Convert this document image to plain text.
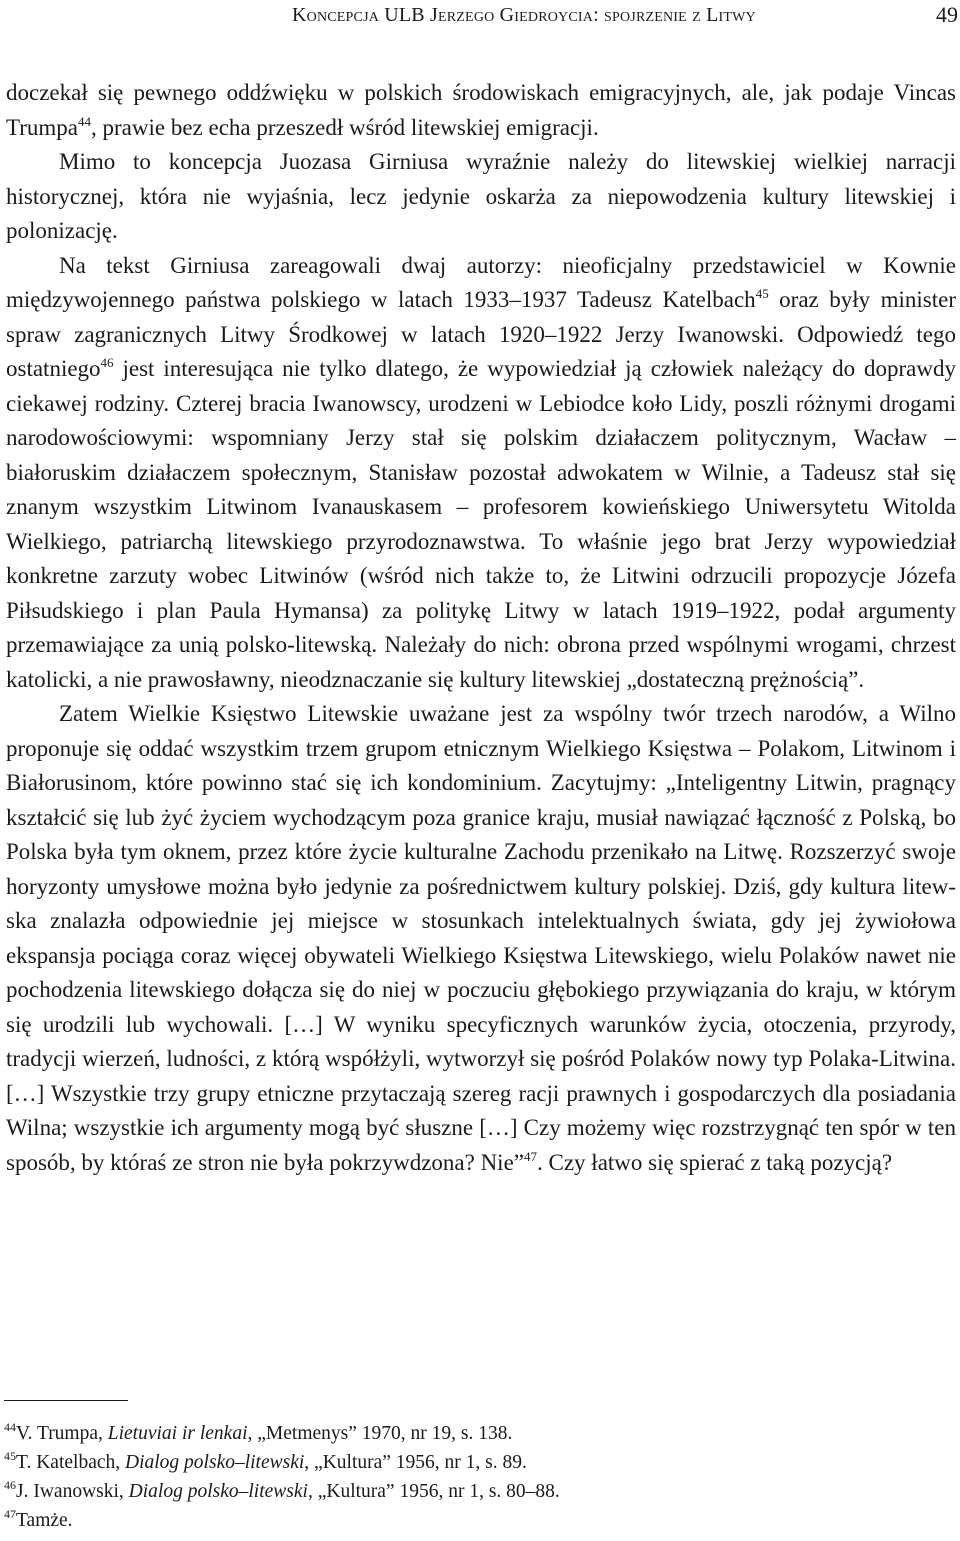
Koncepcja ULB Jerzego Giedroycia: spojrzenie z Litwy	49

doczekał się pewnego oddźwięku w polskich środowiskach emigracyjnych, ale, jak podaje Vincas Trumpa$^{44}$, prawie bez echa przeszedł wśród litewskiej emigracji.

Mimo to koncepcja Juozasa Girniusa wyraźnie należy do litewskiej wielkiej narracji historycznej, która nie wyjaśnia, lecz jedynie oskarża za niepowodzenia kultury litewskiej i polonizację.

Na tekst Girniusa zareagowali dwaj autorzy: nieoficjalny przedstawiciel w Kownie międzywojennego państwa polskiego w latach 1933–1937 Tadeusz Katelbach$^{45}$ oraz były minister spraw zagranicznych Litwy Środkowej w latach 1920–1922 Jerzy Iwanowski. Odpowiedź tego ostatniego$^{46}$ jest interesująca nie tylko dlatego, że wypowiedział ją człowiek należący do doprawdy ciekawej rodziny. Czterej bracia Iwanowscy, urodzeni w Lebiodce koło Lidy, poszli różnymi drogami narodowościowymi: wspomniany Jerzy stał się polskim działaczem politycznym, Wacław – białoruskim działaczem społecznym, Stanisław pozostał adwokatem w Wilnie, a Tadeusz stał się znanym wszystkim Litwinom Ivanauskasem – profesorem kowieńskiego Uniwersytetu Witolda Wielkiego, patriarchą litewskiego przyrodoznawstwa. To właśnie jego brat Jerzy wypowiedział konkretne zarzuty wobec Litwinów (wśród nich także to, że Litwini odrzucili propozycje Józefa Piłsudskiego i plan Paula Hymansa) za politykę Litwy w latach 1919–1922, podał argumenty przemawiające za unią polsko-litewską. Należały do nich: obrona przed wspólnymi wrogami, chrzest katolicki, a nie prawosławny, nieodznaczanie się kultury litewskiej „dostateczną prężnością”.

Zatem Wielkie Księstwo Litewskie uważane jest za wspólny twór trzech narodów, a Wilno proponuje się oddać wszystkim trzem grupom etnicznym Wielkiego Księstwa – Polakom, Litwinom i Białorusinom, które powinno stać się ich kondominium. Zacytujmy: „Inteligentny Litwin, pragnący kształcić się lub żyć życiem wychodzącym poza granice kraju, musiał nawiązać łączność z Polską, bo Polska była tym oknem, przez które życie kulturalne Zachodu przenikało na Litwę. Rozszerzyć swoje horyzonty umysłowe można było jedynie za pośrednictwem kultury polskiej. Dziś, gdy kultura litewska znalazła odpowiednie jej miejsce w stosunkach intelektualnych świata, gdy jej żywiołowa ekspansja pociąga coraz więcej obywateli Wielkiego Księstwa Litewskiego, wielu Polaków nawet nie pochodzenia litewskiego dołącza się do niej w poczuciu głębokiego przywiązania do kraju, w którym się urodzili lub wychowali. […] W wyniku specyficznych warunków życia, otoczenia, przyrody, tradycji wierzeń, ludności, z którą współżyli, wytworzył się pośród Polaków nowy typ Polaka-Litwina. […] Wszystkie trzy grupy etniczne przytaczają szereg racji prawnych i gospodarczych dla posiadania Wilna; wszystkie ich argumenty mogą być słuszne […] Czy możemy więc rozstrzygnąć ten spór w ten sposób, by któraś ze stron nie była pokrzywdzona? Nie”$^{47}$. Czy łatwo się spierać z taką pozycją?

$^{44}$V. Trumpa, Lietuviai ir lenkai, „Metmenys” 1970, nr 19, s. 138.
$^{45}$T. Katelbach, Dialog polsko–litewski, „Kultura” 1956, nr 1, s. 89.
$^{46}$J. Iwanowski, Dialog polsko–litewski, „Kultura” 1956, nr 1, s. 80–88.
$^{47}$Tamże.
